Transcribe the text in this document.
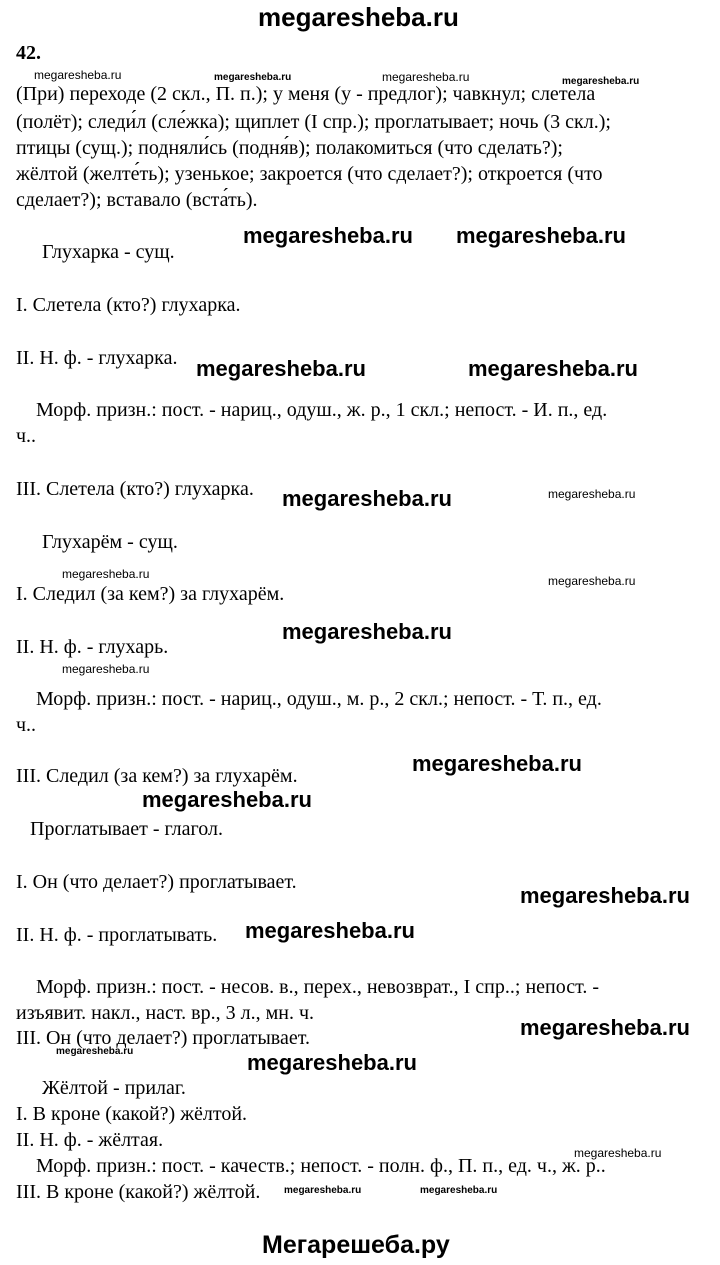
megaresheba.ru
42.
(При) переходе (2 скл., П. п.); у меня (у - предлог); чавкнул; слетела
(полёт); следи́л (сле́жка); щиплет (I спр.); проглатывает; ночь (3 скл.);
птицы (сущ.); подняли́сь (подня́в); полакомиться (что сделать?);
жёлтой (желте́ть); узенькое; закроется (что сделает?); откроется (что
сделает?); вставало (вста́ть).
Глухарка - сущ.
I. Слетела (кто?) глухарка.
II. Н. ф. - глухарка.
Морф. призн.: пост. - нариц., одуш., ж. р., 1 скл.; непост. - И. п., ед.
ч..
III. Слетела (кто?) глухарка.
Глухарём - сущ.
I. Следил (за кем?) за глухарём.
II. Н. ф. - глухарь.
Морф. призн.: пост. - нариц., одуш., м. р., 2 скл.; непост. - Т. п., ед.
ч..
III. Следил (за кем?) за глухарём.
Проглатывает - глагол.
I. Он (что делает?) проглатывает.
II. Н. ф. - проглатывать.
Морф. призн.: пост. - несов. в., перех., невозврат., I спр..; непост. -
изъявит. накл., наст. вр., 3 л., мн. ч.
III. Он (что делает?) проглатывает.
Жёлтой - прилаг.
I. В кроне (какой?) жёлтой.
II. Н. ф. - жёлтая.
Морф. призн.: пост. - качеств.; непост. - полн. ф., П. п., ед. ч., ж. р..
III. В кроне (какой?) жёлтой.
megaresheba.ru megaresheba.ru
megaresheba.ru	megaresheba.ru
megaresheba.ru
megaresheba.ru
megaresheba.ru
megaresheba.ru
megaresheba.ru
megaresheba.ru
megaresheba.ru
megaresheba.ru
megaresheba.ru	megaresheba.ru
megaresheba.ru
megaresheba.ru	megaresheba.ru
megaresheba.ru
megaresheba.ru
megaresheba.ru	megaresheba.ru
megaresheba.ru
megaresheba.ru	megaresheba.ru
Мегарешеба.ру
